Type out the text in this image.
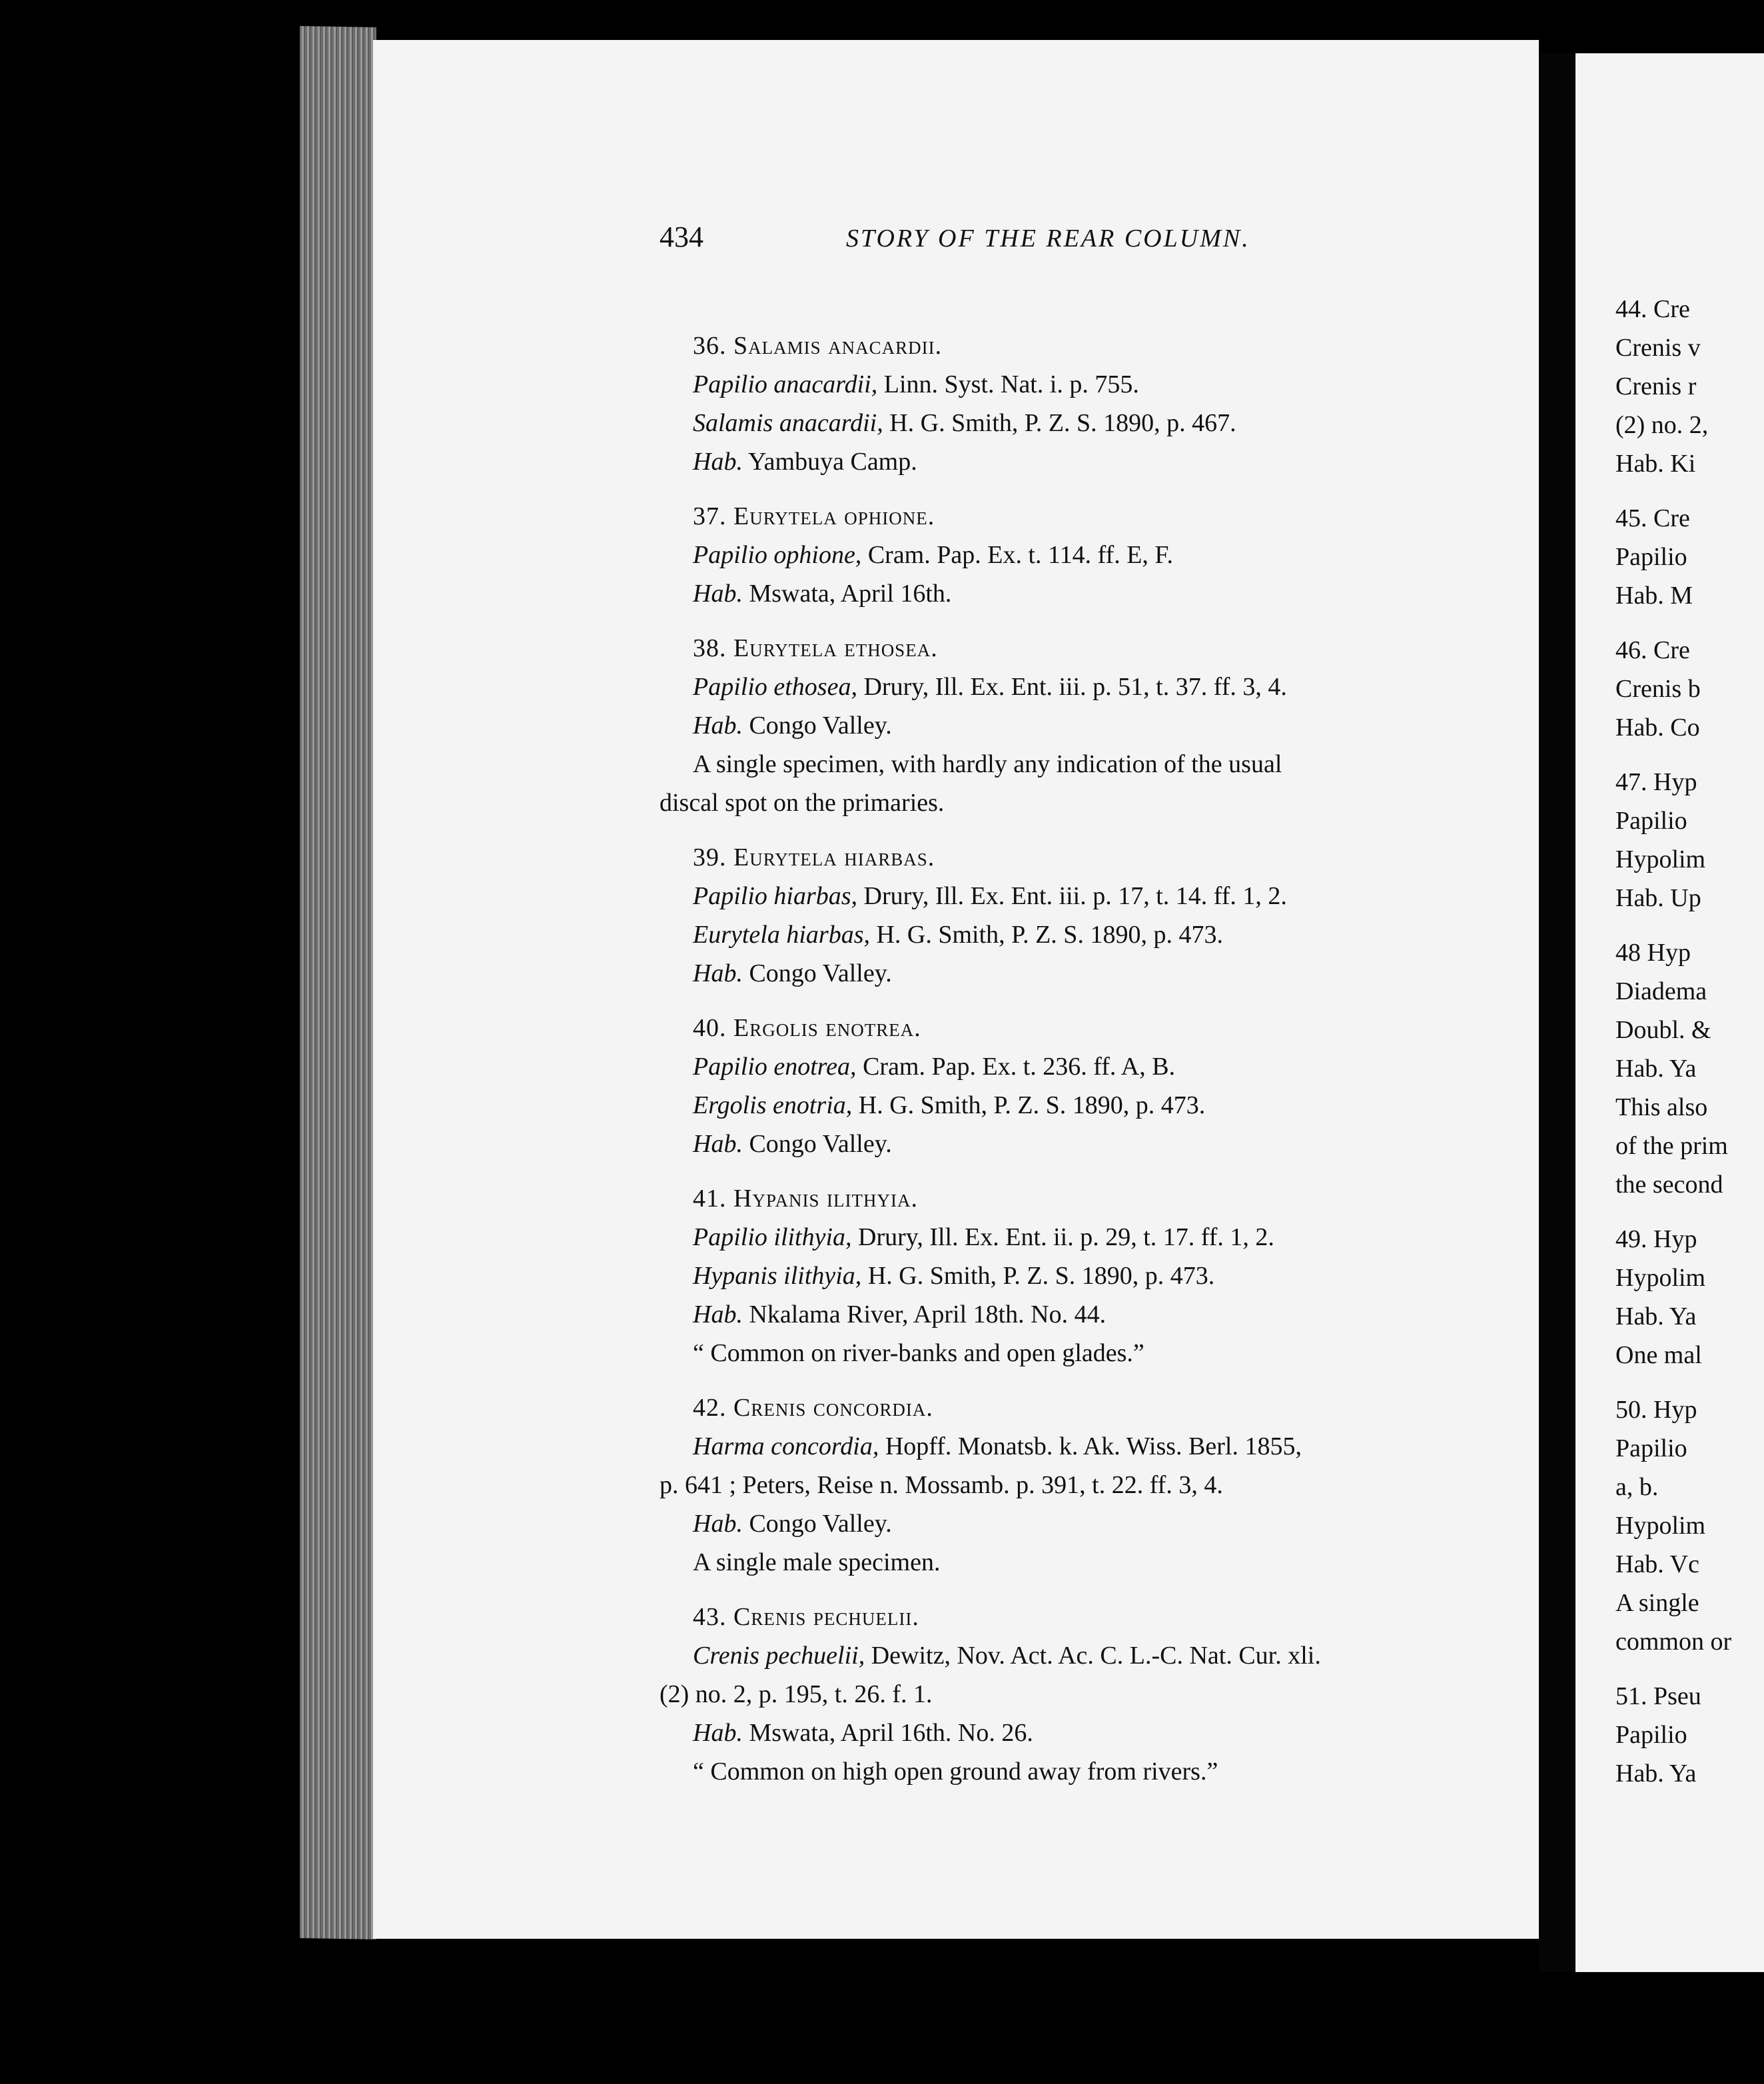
434	STORY OF THE REAR COLUMN.
36. Salamis anacardii.
Papilio anacardii, Linn. Syst. Nat. i. p. 755.
Salamis anacardii, H. G. Smith, P. Z. S. 1890, p. 467.
Hab. Yambuya Camp.
37. Eurytela ophione.
Papilio ophione, Cram. Pap. Ex. t. 114. ff. E, F.
Hab. Mswata, April 16th.
38. Eurytela ethosea.
Papilio ethosea, Drury, Ill. Ex. Ent. iii. p. 51, t. 37. ff. 3, 4.
Hab. Congo Valley.
A single specimen, with hardly any indication of the usual
discal spot on the primaries.
39. Eurytela hiarbas.
Papilio hiarbas, Drury, Ill. Ex. Ent. iii. p. 17, t. 14. ff. 1, 2.
Eurytela hiarbas, H. G. Smith, P. Z. S. 1890, p. 473.
Hab. Congo Valley.
40. Ergolis enotrea.
Papilio enotrea, Cram. Pap. Ex. t. 236. ff. A, B.
Ergolis enotria, H. G. Smith, P. Z. S. 1890, p. 473.
Hab. Congo Valley.
41. Hypanis ilithyia.
Papilio ilithyia, Drury, Ill. Ex. Ent. ii. p. 29, t. 17. ff. 1, 2.
Hypanis ilithyia, H. G. Smith, P. Z. S. 1890, p. 473.
Hab. Nkalama River, April 18th. No. 44.
“ Common on river-banks and open glades.”
42. Crenis concordia.
Harma concordia, Hopff. Monatsb. k. Ak. Wiss. Berl. 1855,
p. 641 ; Peters, Reise n. Mossamb. p. 391, t. 22. ff. 3, 4.
Hab. Congo Valley.
A single male specimen.
43. Crenis pechuelii.
Crenis pechuelii, Dewitz, Nov. Act. Ac. C. L.-C. Nat. Cur. xli.
(2) no. 2, p. 195, t. 26. f. 1.
Hab. Mswata, April 16th. No. 26.
“ Common on high open ground away from rivers.”
44. Cre
Crenis v
Crenis r
(2) no. 2,
Hab. Ki
45. Cre
Papilio
Hab. M
46. Cre
Crenis b
Hab. Co
47. Hyp
Papilio
Hypolim
Hab. Up
48 Hyp
Diadema
Doubl. &
Hab. Ya
This also
of the prim
the second
49. Hyp
Hypolim
Hab. Ya
One mal
50. Hyp
Papilio
a, b.
Hypolim
Hab. Vc
A single
common or
51. Pseu
Papilio
Hab. Ya
